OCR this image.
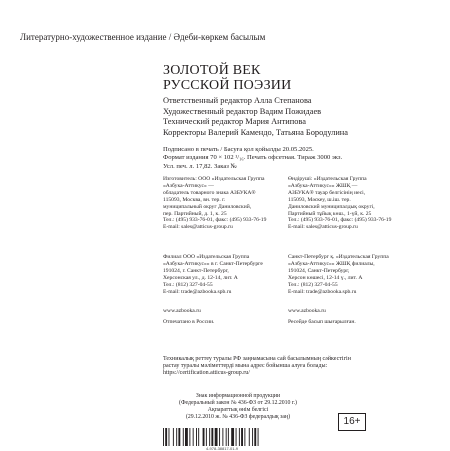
Литературно-художественное издание / Әдеби-көркем басылым
ЗОЛОТОЙ ВЕК
РУССКОЙ ПОЭЗИИ
Ответственный редактор Алла Степанова
Художественный редактор Вадим Пожидаев
Технический редактор Мария Антипова
Корректоры Валерий Камендо, Татьяна Бородулина
Подписано в печать / Басуға қол қойылды 20.05.2025.
Формат издания 70 × 102 ¹/₁₆. Печать офсетная. Тираж 3000 экз.
Усл. печ. л. 17,82. Заказ №
Изготовитель: ООО «Издательская Группа
«Азбука-Аттикус» —
обладатель товарного знака АЗБУКА®
115093, Москва, вн. тер. г.
муниципальный округ Даниловский,
пер. Партийный, д. 1, к. 25
Тел.: (495) 933-76-01, факс: (495) 933-76-19
E-mail: sales@atticus-group.ru
Өндіруші: «Издательская Группа
«Азбука-Аттикус»» ЖШҚ —
АЗБУКА® тауар белгісінің иесі,
115093, Мәскеу, ш.іш. тер.
Даниловский муниципалдық округі,
Партийный тұйық көш., 1-үй, к. 25
Тел.: (495) 933-76-01, факс: (495) 933-76-19
E-mail: sales@atticus-group.ru
Филиал ООО «Издательская Группа
«Азбука-Аттикус»» в г. Санкт-Петербурге
191024, г. Санкт-Петербург,
Херсонская ул., д. 12-14, лит. А
Тел.: (812) 327-04-55
E-mail: trade@azbooka.spb.ru
Санкт-Петербург қ. «Издательская Группа
«Азбука-Аттикус»» ЖШҚ филиалы,
191024, Санкт-Петербург,
Херсон көшесі, 12-14 ү., лит. А
Тел.: (812) 327-04-55
E-mail: trade@azbooka.spb.ru
www.azbooka.ru	www.azbooka.ru
Отпечатано в России.	Ресейде басып шығарылған.
Техникалық реттеу туралы РФ заңнамасына сай басылымның сәйкестігін
растау туралы мәліметтерді мына адрес бойынша алуға болады:
https://certification.atticus-group.ru/
Знак информационной продукции
(Федеральный закон № 436-ФЗ от 29.12.2010 г.)
Ақпараттық өнім белгісі
(29.12.2010 ж. № 436-ФЗ федералдық заң)	16+
4-978-38817-01-9
